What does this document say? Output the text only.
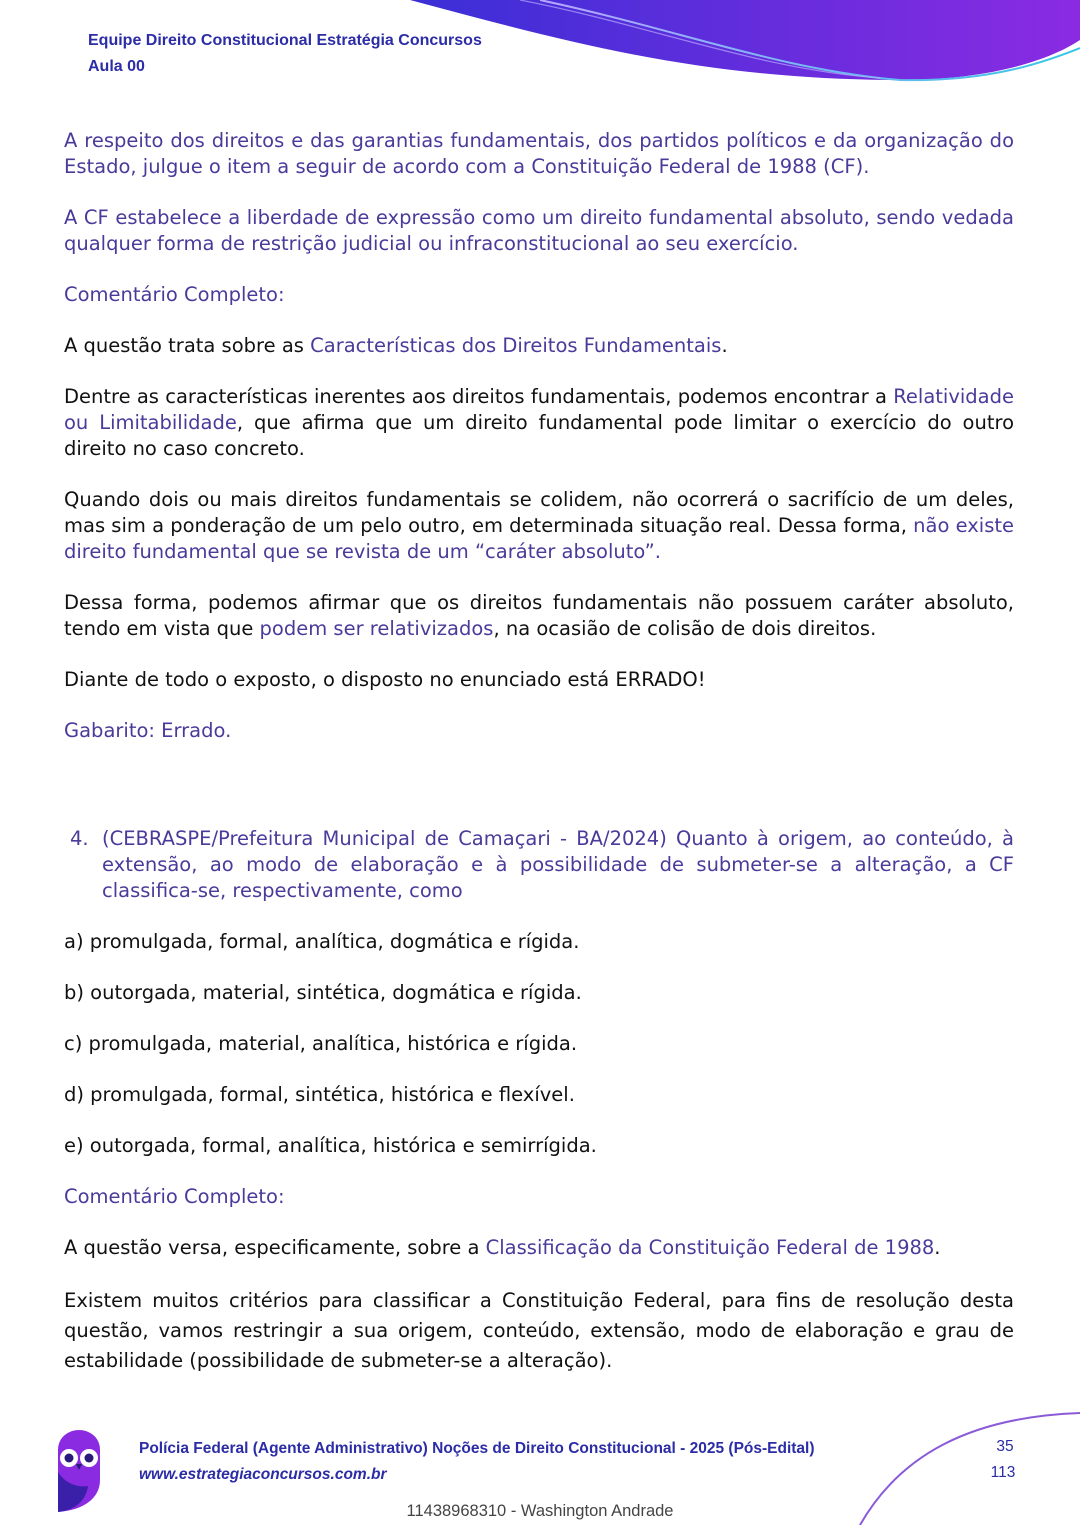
Equipe Direito Constitucional Estratégia Concursos
Aula 00

A respeito dos direitos e das garantias fundamentais, dos partidos políticos e da organização do Estado, julgue o item a seguir de acordo com a Constituição Federal de 1988 (CF).

A CF estabelece a liberdade de expressão como um direito fundamental absoluto, sendo vedada qualquer forma de restrição judicial ou infraconstitucional ao seu exercício.

Comentário Completo:

A questão trata sobre as Características dos Direitos Fundamentais.

Dentre as características inerentes aos direitos fundamentais, podemos encontrar a Relatividade ou Limitabilidade, que afirma que um direito fundamental pode limitar o exercício do outro direito no caso concreto.

Quando dois ou mais direitos fundamentais se colidem, não ocorrerá o sacrifício de um deles, mas sim a ponderação de um pelo outro, em determinada situação real. Dessa forma, não existe direito fundamental que se revista de um “caráter absoluto”.

Dessa forma, podemos afirmar que os direitos fundamentais não possuem caráter absoluto, tendo em vista que podem ser relativizados, na ocasião de colisão de dois direitos.

Diante de todo o exposto, o disposto no enunciado está ERRADO!

Gabarito: Errado.

4. (CEBRASPE/Prefeitura Municipal de Camaçari - BA/2024) Quanto à origem, ao conteúdo, à extensão, ao modo de elaboração e à possibilidade de submeter-se a alteração, a CF classifica-se, respectivamente, como

a) promulgada, formal, analítica, dogmática e rígida.

b) outorgada, material, sintética, dogmática e rígida.

c) promulgada, material, analítica, histórica e rígida.

d) promulgada, formal, sintética, histórica e flexível.

e) outorgada, formal, analítica, histórica e semirrígida.

Comentário Completo:

A questão versa, especificamente, sobre a Classificação da Constituição Federal de 1988.

Existem muitos critérios para classificar a Constituição Federal, para fins de resolução desta questão, vamos restringir a sua origem, conteúdo, extensão, modo de elaboração e grau de estabilidade (possibilidade de submeter-se a alteração).

Polícia Federal (Agente Administrativo) Noções de Direito Constitucional - 2025 (Pós-Edital)
www.estrategiaconcursos.com.br
35
113
11438968310 - Washington Andrade
